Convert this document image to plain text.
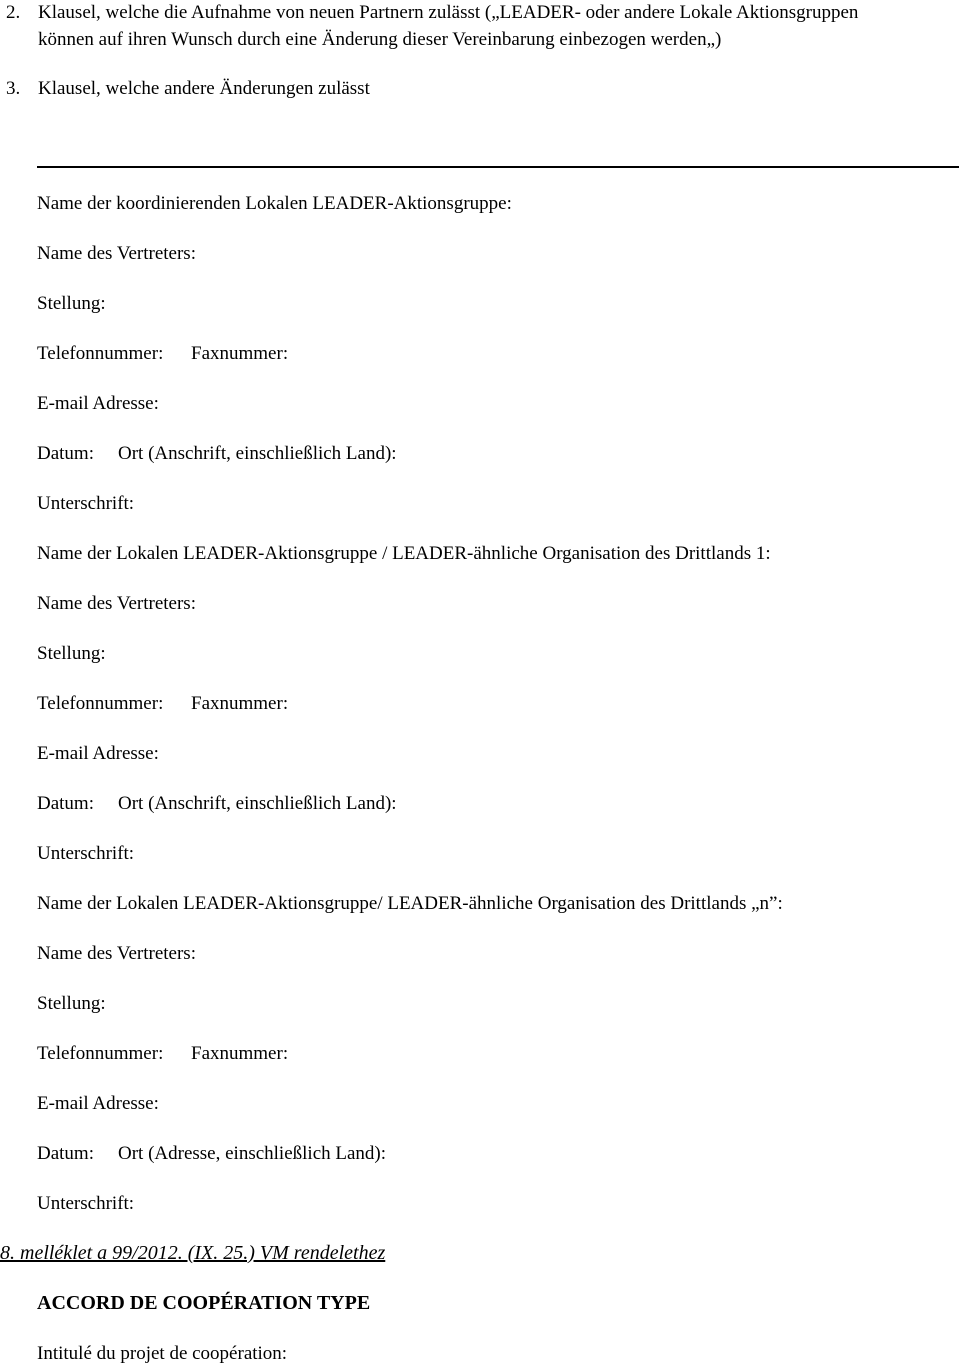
2. Klausel, welche die Aufnahme von neuen Partnern zulässt („LEADER- oder andere Lokale Aktionsgruppen
können auf ihren Wunsch durch eine Änderung dieser Vereinbarung einbezogen werden„)
3. Klausel, welche andere Änderungen zulässt
Name der koordinierenden Lokalen LEADER-Aktionsgruppe:
Name des Vertreters:
Stellung:
Telefonnummer: Faxnummer:
E-mail Adresse:
Datum: Ort (Anschrift, einschließlich Land):
Unterschrift:
Name der Lokalen LEADER-Aktionsgruppe / LEADER-ähnliche Organisation des Drittlands 1:
Name des Vertreters:
Stellung:
Telefonnummer: Faxnummer:
E-mail Adresse:
Datum: Ort (Anschrift, einschließlich Land):
Unterschrift:
Name der Lokalen LEADER-Aktionsgruppe/ LEADER-ähnliche Organisation des Drittlands „n”:
Name des Vertreters:
Stellung:
Telefonnummer: Faxnummer:
E-mail Adresse:
Datum: Ort (Adresse, einschließlich Land):
Unterschrift:
8. melléklet a 99/2012. (IX. 25.) VM rendelethez
ACCORD DE COOPÉRATION TYPE
Intitulé du projet de coopération:
